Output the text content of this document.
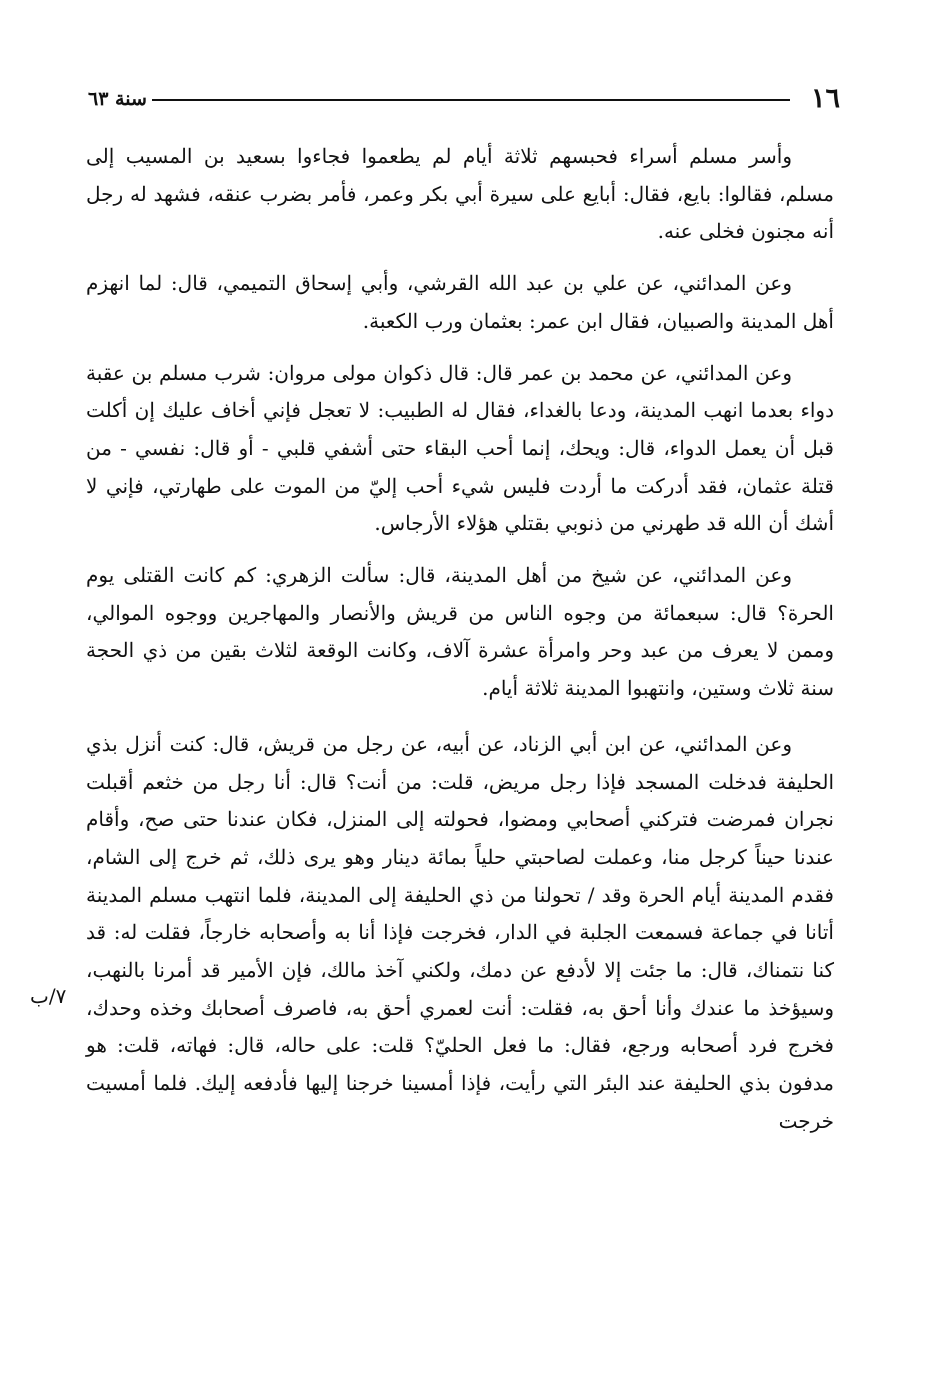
١٦
سنة ٦٣
٧/ب

وأسر مسلم أسراء فحبسهم ثلاثة أيام لم يطعموا فجاءوا بسعيد بن المسيب إلى مسلم، فقالوا: بايع، فقال: أبايع على سيرة أبي بكر وعمر، فأمر بضرب عنقه، فشهد له رجل أنه مجنون فخلى عنه.

وعن المدائني، عن علي بن عبد الله القرشي، وأبي إسحاق التميمي، قال: لما انهزم أهل المدينة والصبيان، فقال ابن عمر: بعثمان ورب الكعبة.

وعن المدائني، عن محمد بن عمر قال: قال ذكوان مولى مروان: شرب مسلم بن عقبة دواء بعدما انهب المدينة، ودعا بالغداء، فقال له الطبيب: لا تعجل فإني أخاف عليك إن أكلت قبل أن يعمل الدواء، قال: ويحك، إنما أحب البقاء حتى أشفي قلبي - أو قال: نفسي - من قتلة عثمان، فقد أدركت ما أردت فليس شيء أحب إليّ من الموت على طهارتي، فإني لا أشك أن الله قد طهرني من ذنوبي بقتلي هؤلاء الأرجاس.

وعن المدائني، عن شيخ من أهل المدينة، قال: سألت الزهري: كم كانت القتلى يوم الحرة؟ قال: سبعمائة من وجوه الناس من قريش والأنصار والمهاجرين ووجوه الموالي، وممن لا يعرف من عبد وحر وامرأة عشرة آلاف، وكانت الوقعة لثلاث بقين من ذي الحجة سنة ثلاث وستين، وانتهبوا المدينة ثلاثة أيام.

وعن المدائني، عن ابن أبي الزناد، عن أبيه، عن رجل من قريش، قال: كنت أنزل بذي الحليفة فدخلت المسجد فإذا رجل مريض، قلت: من أنت؟ قال: أنا رجل من خثعم أقبلت نجران فمرضت فتركني أصحابي ومضوا، فحولته إلى المنزل، فكان عندنا حتى صح، وأقام عندنا حيناً كرجل منا، وعملت لصاحبتي حلياً بمائة دينار وهو يرى ذلك، ثم خرج إلى الشام، فقدم المدينة أيام الحرة وقد / تحولنا من ذي الحليفة إلى المدينة، فلما انتهب مسلم المدينة أتانا في جماعة فسمعت الجلبة في الدار، فخرجت فإذا أنا به وأصحابه خارجاً، فقلت له: قد كنا نتمناك، قال: ما جئت إلا لأدفع عن دمك، ولكني آخذ مالك، فإن الأمير قد أمرنا بالنهب، وسيؤخذ ما عندك وأنا أحق به، فقلت: أنت لعمري أحق به، فاصرف أصحابك وخذه وحدك، فخرج فرد أصحابه ورجع، فقال: ما فعل الحليّ؟ قلت: على حاله، قال: فهاته، قلت: هو مدفون بذي الحليفة عند البئر التي رأيت، فإذا أمسينا خرجنا إليها فأدفعه إليك. فلما أمسيت خرجت
